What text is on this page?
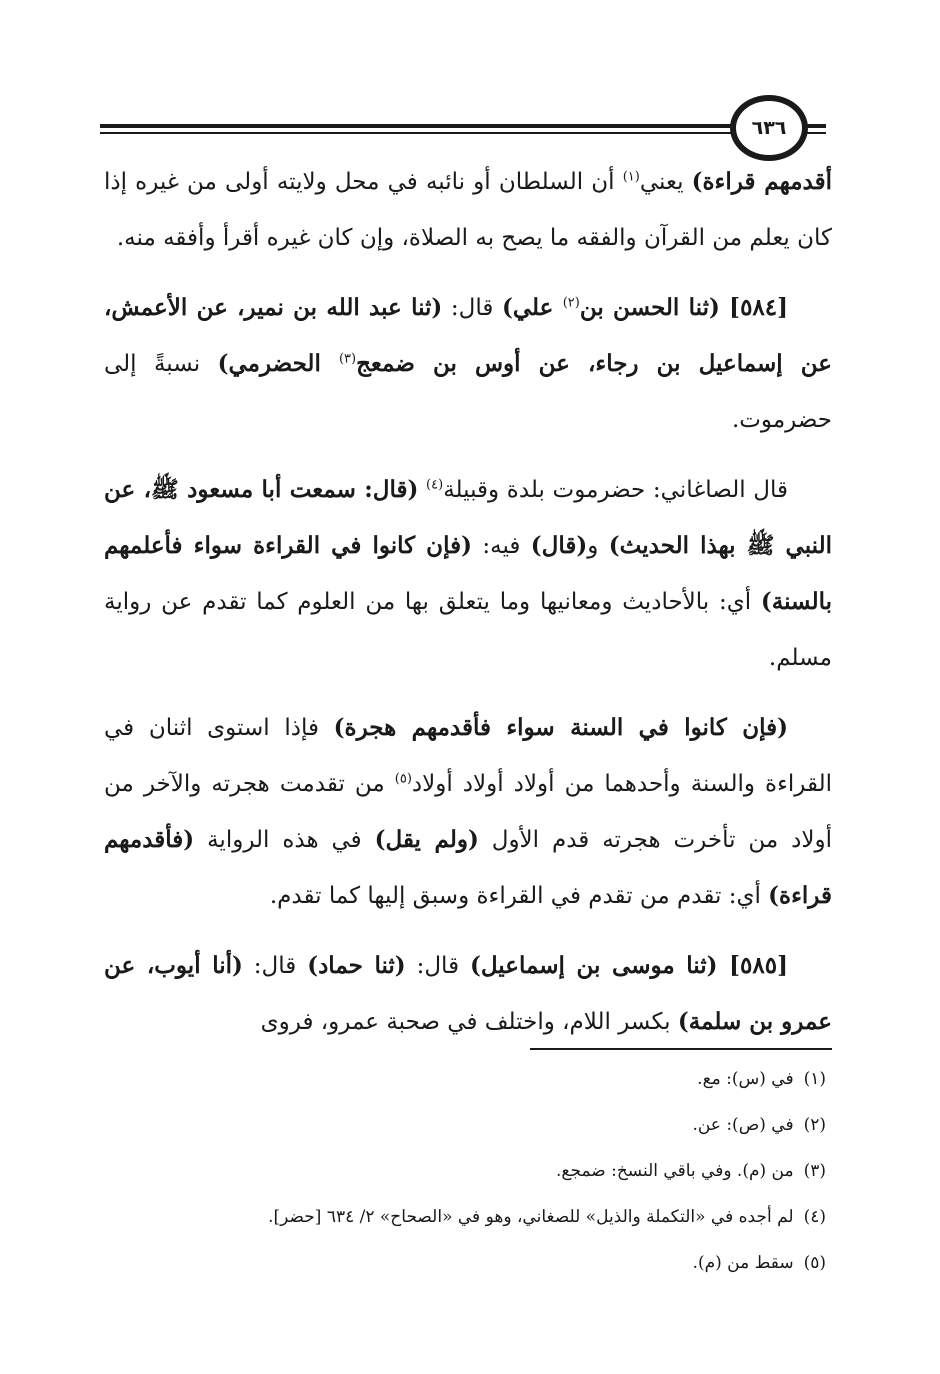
٦٣٦

أقدمهم قراءة) يعني$^{(١)}$ أن السلطان أو نائبه في محل ولايته أولى من غيره إذا كان يعلم من القرآن والفقه ما يصح به الصلاة، وإن كان غيره أقرأ وأفقه منه.

[٥٨٤] (ثنا الحسن بن$^{(٢)}$ علي) قال: (ثنا عبد الله بن نمير، عن الأعمش، عن إسماعيل بن رجاء، عن أوس بن ضمعج$^{(٣)}$ الحضرمي) نسبةً إلى حضرموت.

قال الصاغاني: حضرموت بلدة وقبيلة$^{(٤)}$ (قال: سمعت أبا مسعود ﷺ، عن النبي ﷺ بهذا الحديث) و(قال) فيه: (فإن كانوا في القراءة سواء فأعلمهم بالسنة) أي: بالأحاديث ومعانيها وما يتعلق بها من العلوم كما تقدم عن رواية مسلم.

(فإن كانوا في السنة سواء فأقدمهم هجرة) فإذا استوى اثنان في القراءة والسنة وأحدهما من أولاد أولاد أولاد$^{(٥)}$ من تقدمت هجرته والآخر من أولاد من تأخرت هجرته قدم الأول (ولم يقل) في هذه الرواية (فأقدمهم قراءة) أي: تقدم من تقدم في القراءة وسبق إليها كما تقدم.

[٥٨٥] (ثنا موسى بن إسماعيل) قال: (ثنا حماد) قال: (أنا أيوب، عن عمرو بن سلمة) بكسر اللام، واختلف في صحبة عمرو، فروى

(١)في (س): مع.
(٢)في (ص): عن.
(٣)من (م). وفي باقي النسخ: ضمجع.
(٤)لم أجده في «التكملة والذيل» للصغاني، وهو في «الصحاح» ٢/ ٦٣٤ [حضر].
(٥)سقط من (م).
